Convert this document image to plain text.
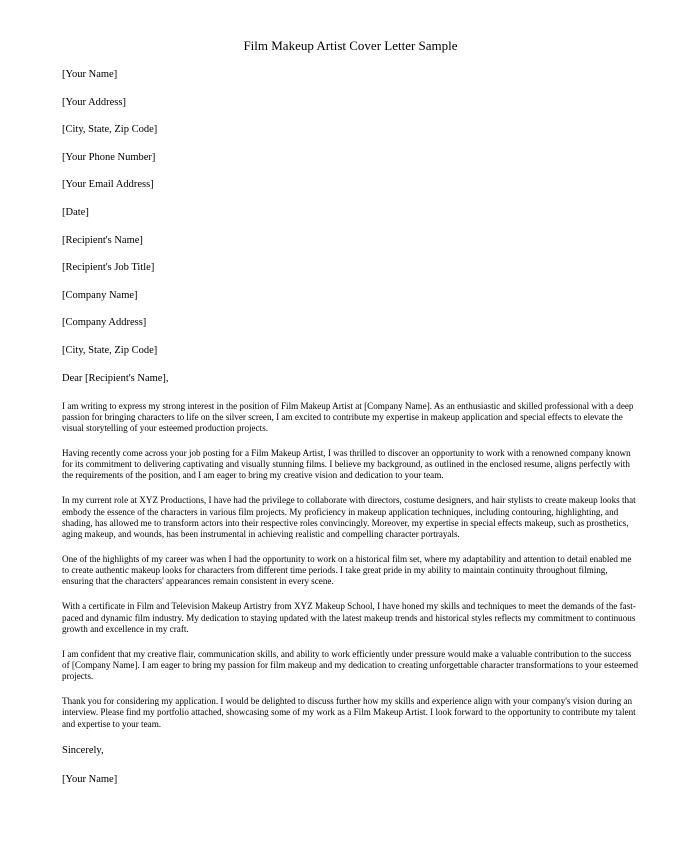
Film Makeup Artist Cover Letter Sample
[Your Name]
[Your Address]
[City, State, Zip Code]
[Your Phone Number]
[Your Email Address]
[Date]
[Recipient's Name]
[Recipient's Job Title]
[Company Name]
[Company Address]
[City, State, Zip Code]
Dear [Recipient's Name],

I am writing to express my strong interest in the position of Film Makeup Artist at [Company Name]. As an enthusiastic and skilled professional with a deep passion for bringing characters to life on the silver screen, I am excited to contribute my expertise in makeup application and special effects to elevate the visual storytelling of your esteemed production projects.

Having recently come across your job posting for a Film Makeup Artist, I was thrilled to discover an opportunity to work with a renowned company known for its commitment to delivering captivating and visually stunning films. I believe my background, as outlined in the enclosed resume, aligns perfectly with the requirements of the position, and I am eager to bring my creative vision and dedication to your team.

In my current role at XYZ Productions, I have had the privilege to collaborate with directors, costume designers, and hair stylists to create makeup looks that embody the essence of the characters in various film projects. My proficiency in makeup application techniques, including contouring, highlighting, and shading, has allowed me to transform actors into their respective roles convincingly. Moreover, my expertise in special effects makeup, such as prosthetics, aging makeup, and wounds, has been instrumental in achieving realistic and compelling character portrayals.

One of the highlights of my career was when I had the opportunity to work on a historical film set, where my adaptability and attention to detail enabled me to create authentic makeup looks for characters from different time periods. I take great pride in my ability to maintain continuity throughout filming, ensuring that the characters' appearances remain consistent in every scene.

With a certificate in Film and Television Makeup Artistry from XYZ Makeup School, I have honed my skills and techniques to meet the demands of the fast-paced and dynamic film industry. My dedication to staying updated with the latest makeup trends and historical styles reflects my commitment to continuous growth and excellence in my craft.

I am confident that my creative flair, communication skills, and ability to work efficiently under pressure would make a valuable contribution to the success of [Company Name]. I am eager to bring my passion for film makeup and my dedication to creating unforgettable character transformations to your esteemed projects.

Thank you for considering my application. I would be delighted to discuss further how my skills and experience align with your company's vision during an interview. Please find my portfolio attached, showcasing some of my work as a Film Makeup Artist. I look forward to the opportunity to contribute my talent and expertise to your team.

Sincerely,
[Your Name]
